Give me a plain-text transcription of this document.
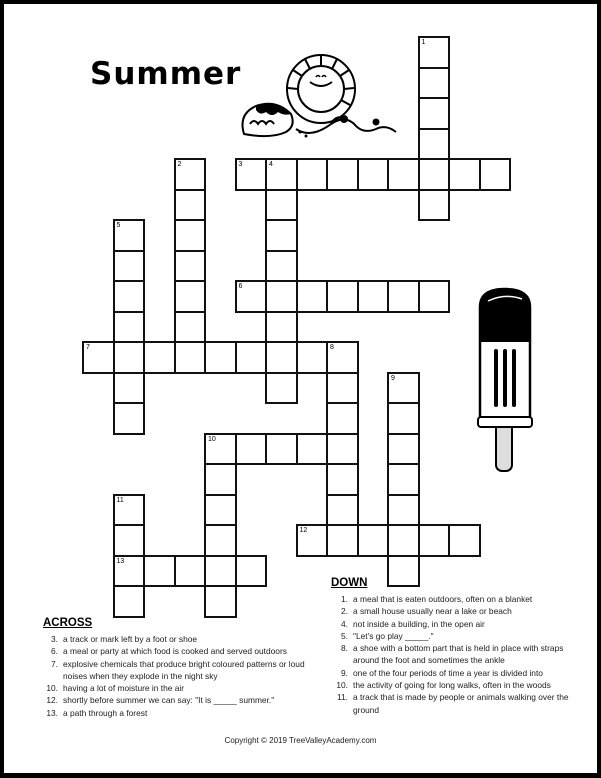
Summer
1
2	3	4
5
6
7	8
9
10
11
13
12
ACROSS
3. a track or mark left by a foot or shoe
6. a meal or party at which food is cooked and served outdoors
7. explosive chemicals that produce bright coloured patterns or loud noises when they explode in the night sky
10. having a lot of moisture in the air
12. shortly before summer we can say: "It is _____ summer."
13. a path through a forest
DOWN
1. a meal that is eaten outdoors, often on a blanket
2. a small house usually near a lake or beach
4. not inside a building, in the open air
5. "Let's go play _____."
8. a shoe with a bottom part that is held in place with straps around the foot and sometimes the ankle
9. one of the four periods of time a year is divided into
10. the activity of going for long walks, often in the woods
11. a track that is made by people or animals walking over the ground
Copyright © 2019 TreeValleyAcademy.com
